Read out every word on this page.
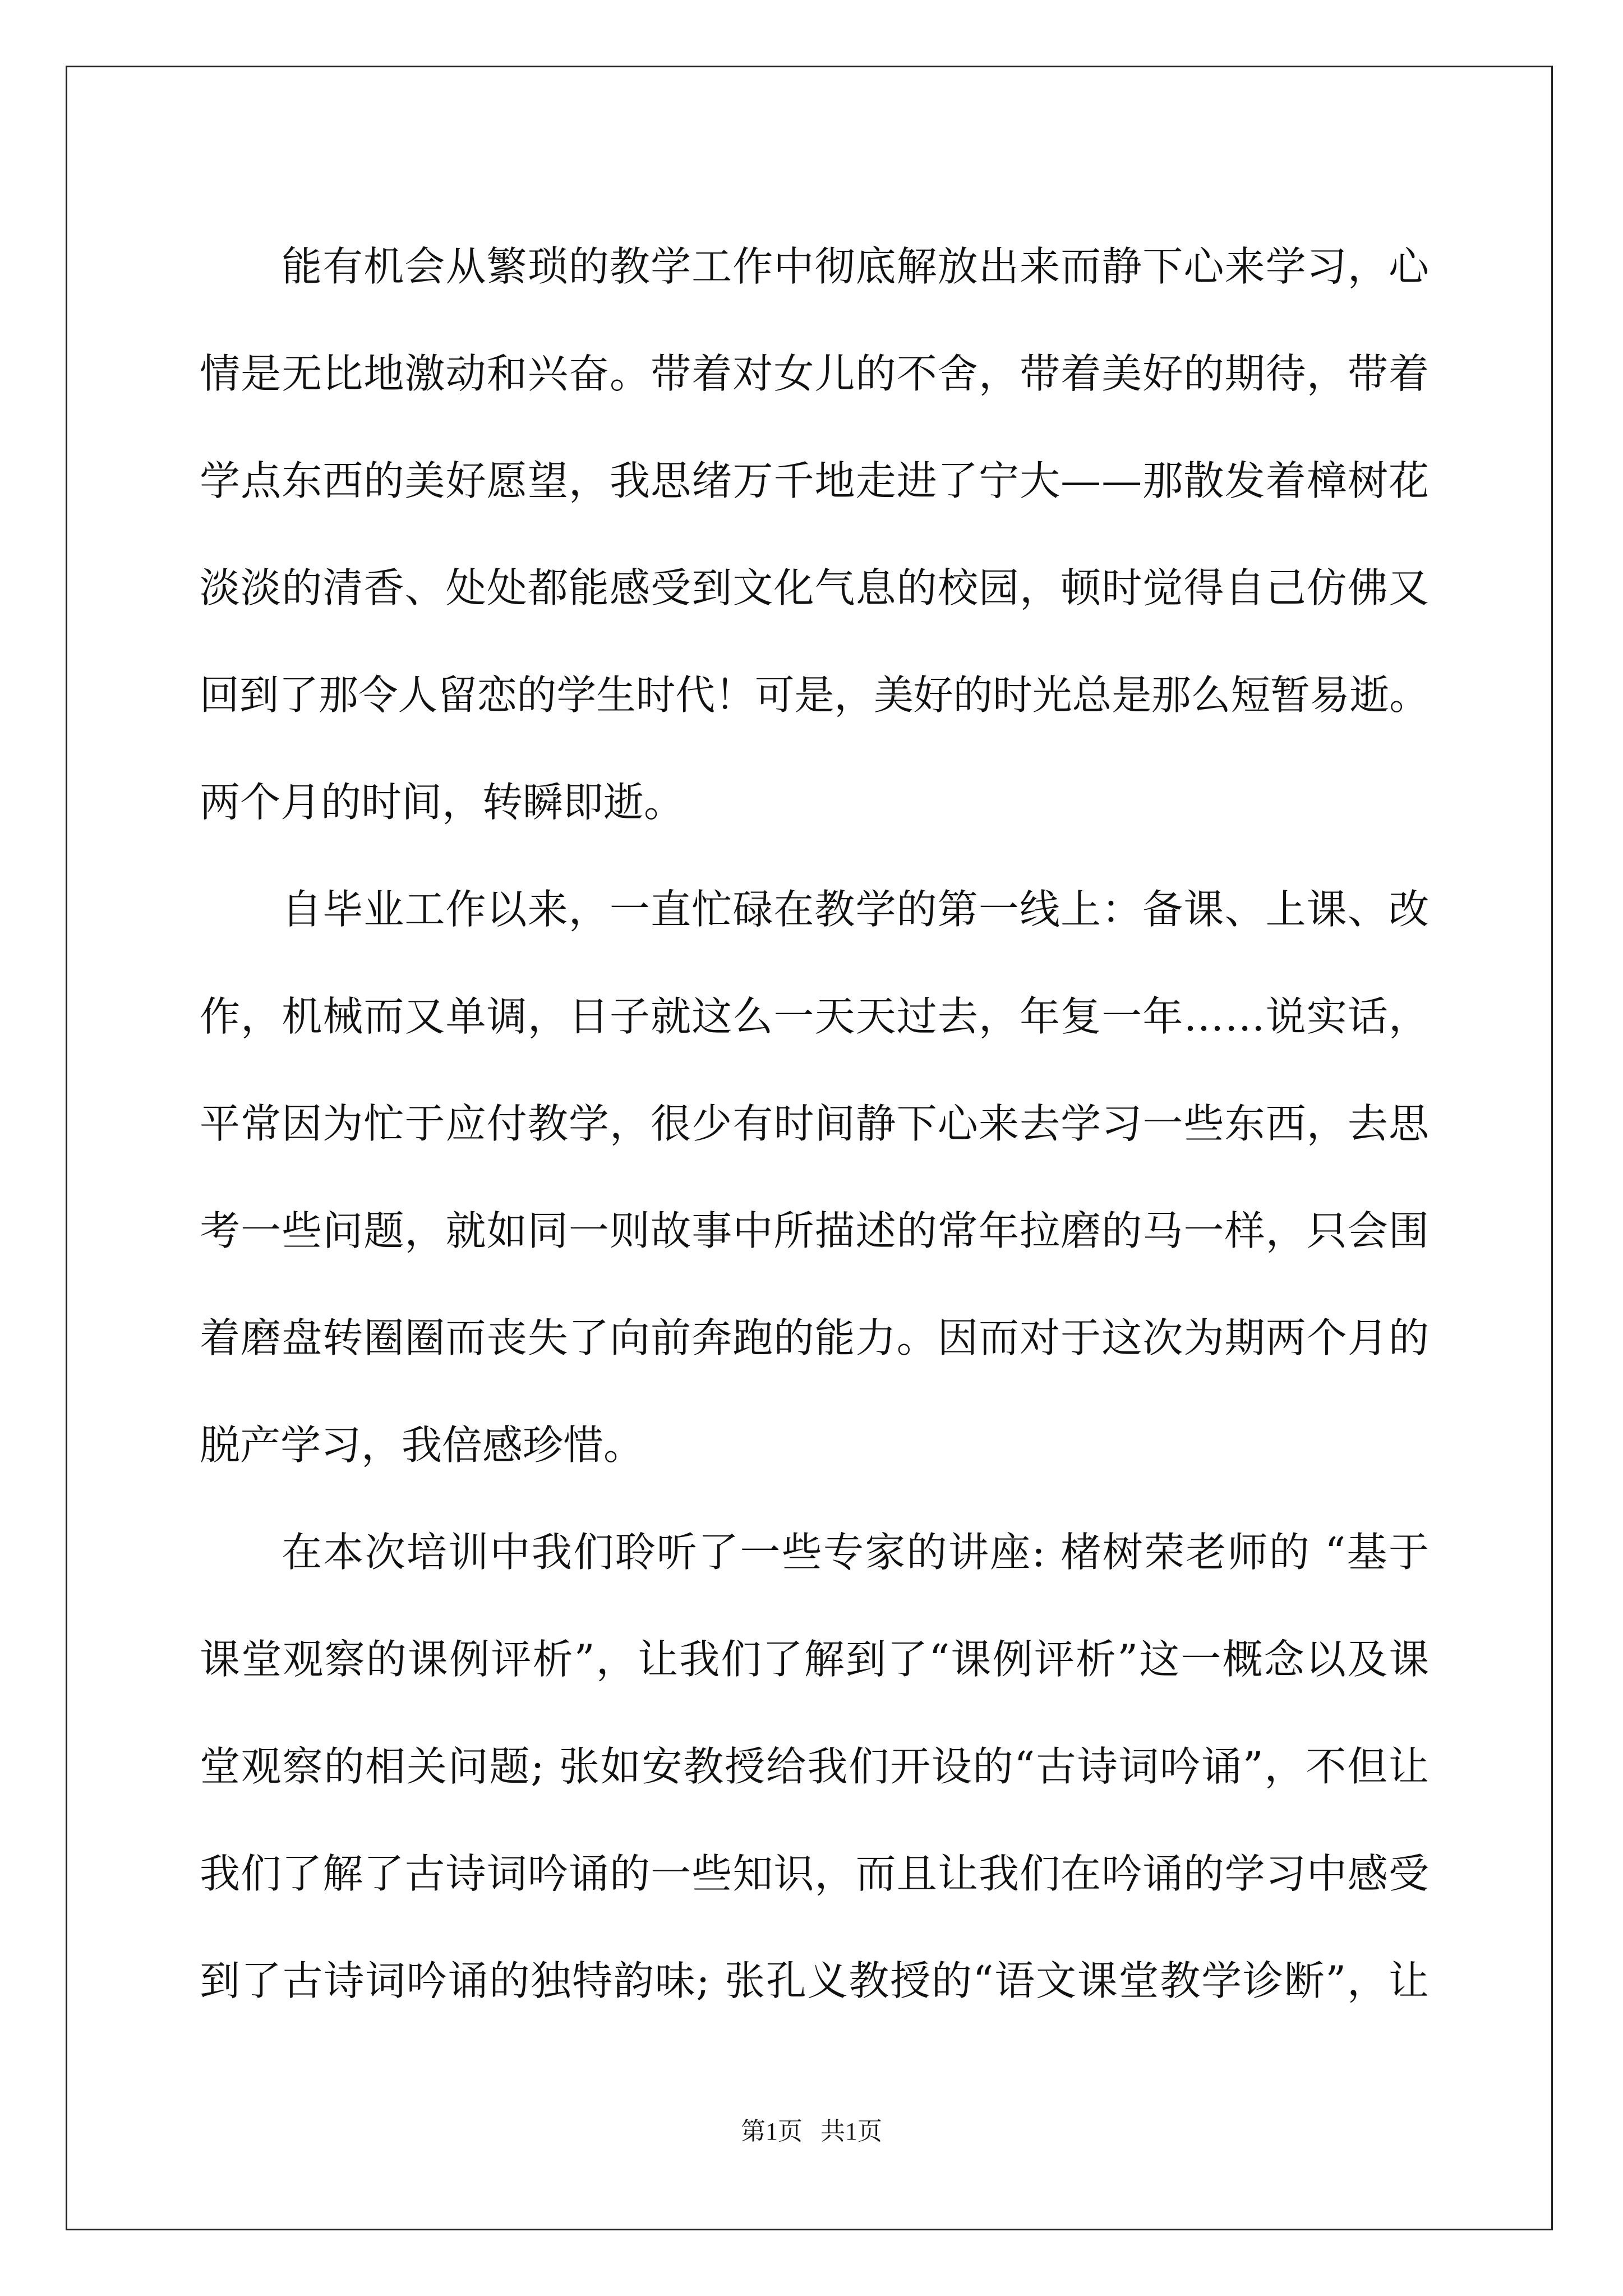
能有机会从繁琐的教学工作中彻底解放出来而静下心来学习，心
情是无比地激动和兴奋。带着对女儿的不舍，带着美好的期待，带着
学点东西的美好愿望，我思绪万千地走进了宁大——那散发着樟树花
淡淡的清香、处处都能感受到文化气息的校园，顿时觉得自己仿佛又
回到了那令人留恋的学生时代！可是，美好的时光总是那么短暂易逝。
两个月的时间，转瞬即逝。
自毕业工作以来，一直忙碌在教学的第一线上：备课、上课、改
作，机械而又单调，日子就这么一天天过去，年复一年……说实话，
平常因为忙于应付教学，很少有时间静下心来去学习一些东西，去思
考一些问题，就如同一则故事中所描述的常年拉磨的马一样，只会围
着磨盘转圈圈而丧失了向前奔跑的能力。因而对于这次为期两个月的
脱产学习，我倍感珍惜。
在本次培训中我们聆听了一些专家的讲座: 楮树荣老师的 “基于
课堂观察的课例评析”，让我们了解到了“课例评析”这一概念以及课
堂观察的相关问题; 张如安教授给我们开设的“古诗词吟诵”，不但让
我们了解了古诗词吟诵的一些知识，而且让我们在吟诵的学习中感受
到了古诗词吟诵的独特韵味; 张孔义教授的“语文课堂教学诊断”，让
第1页 共1页
